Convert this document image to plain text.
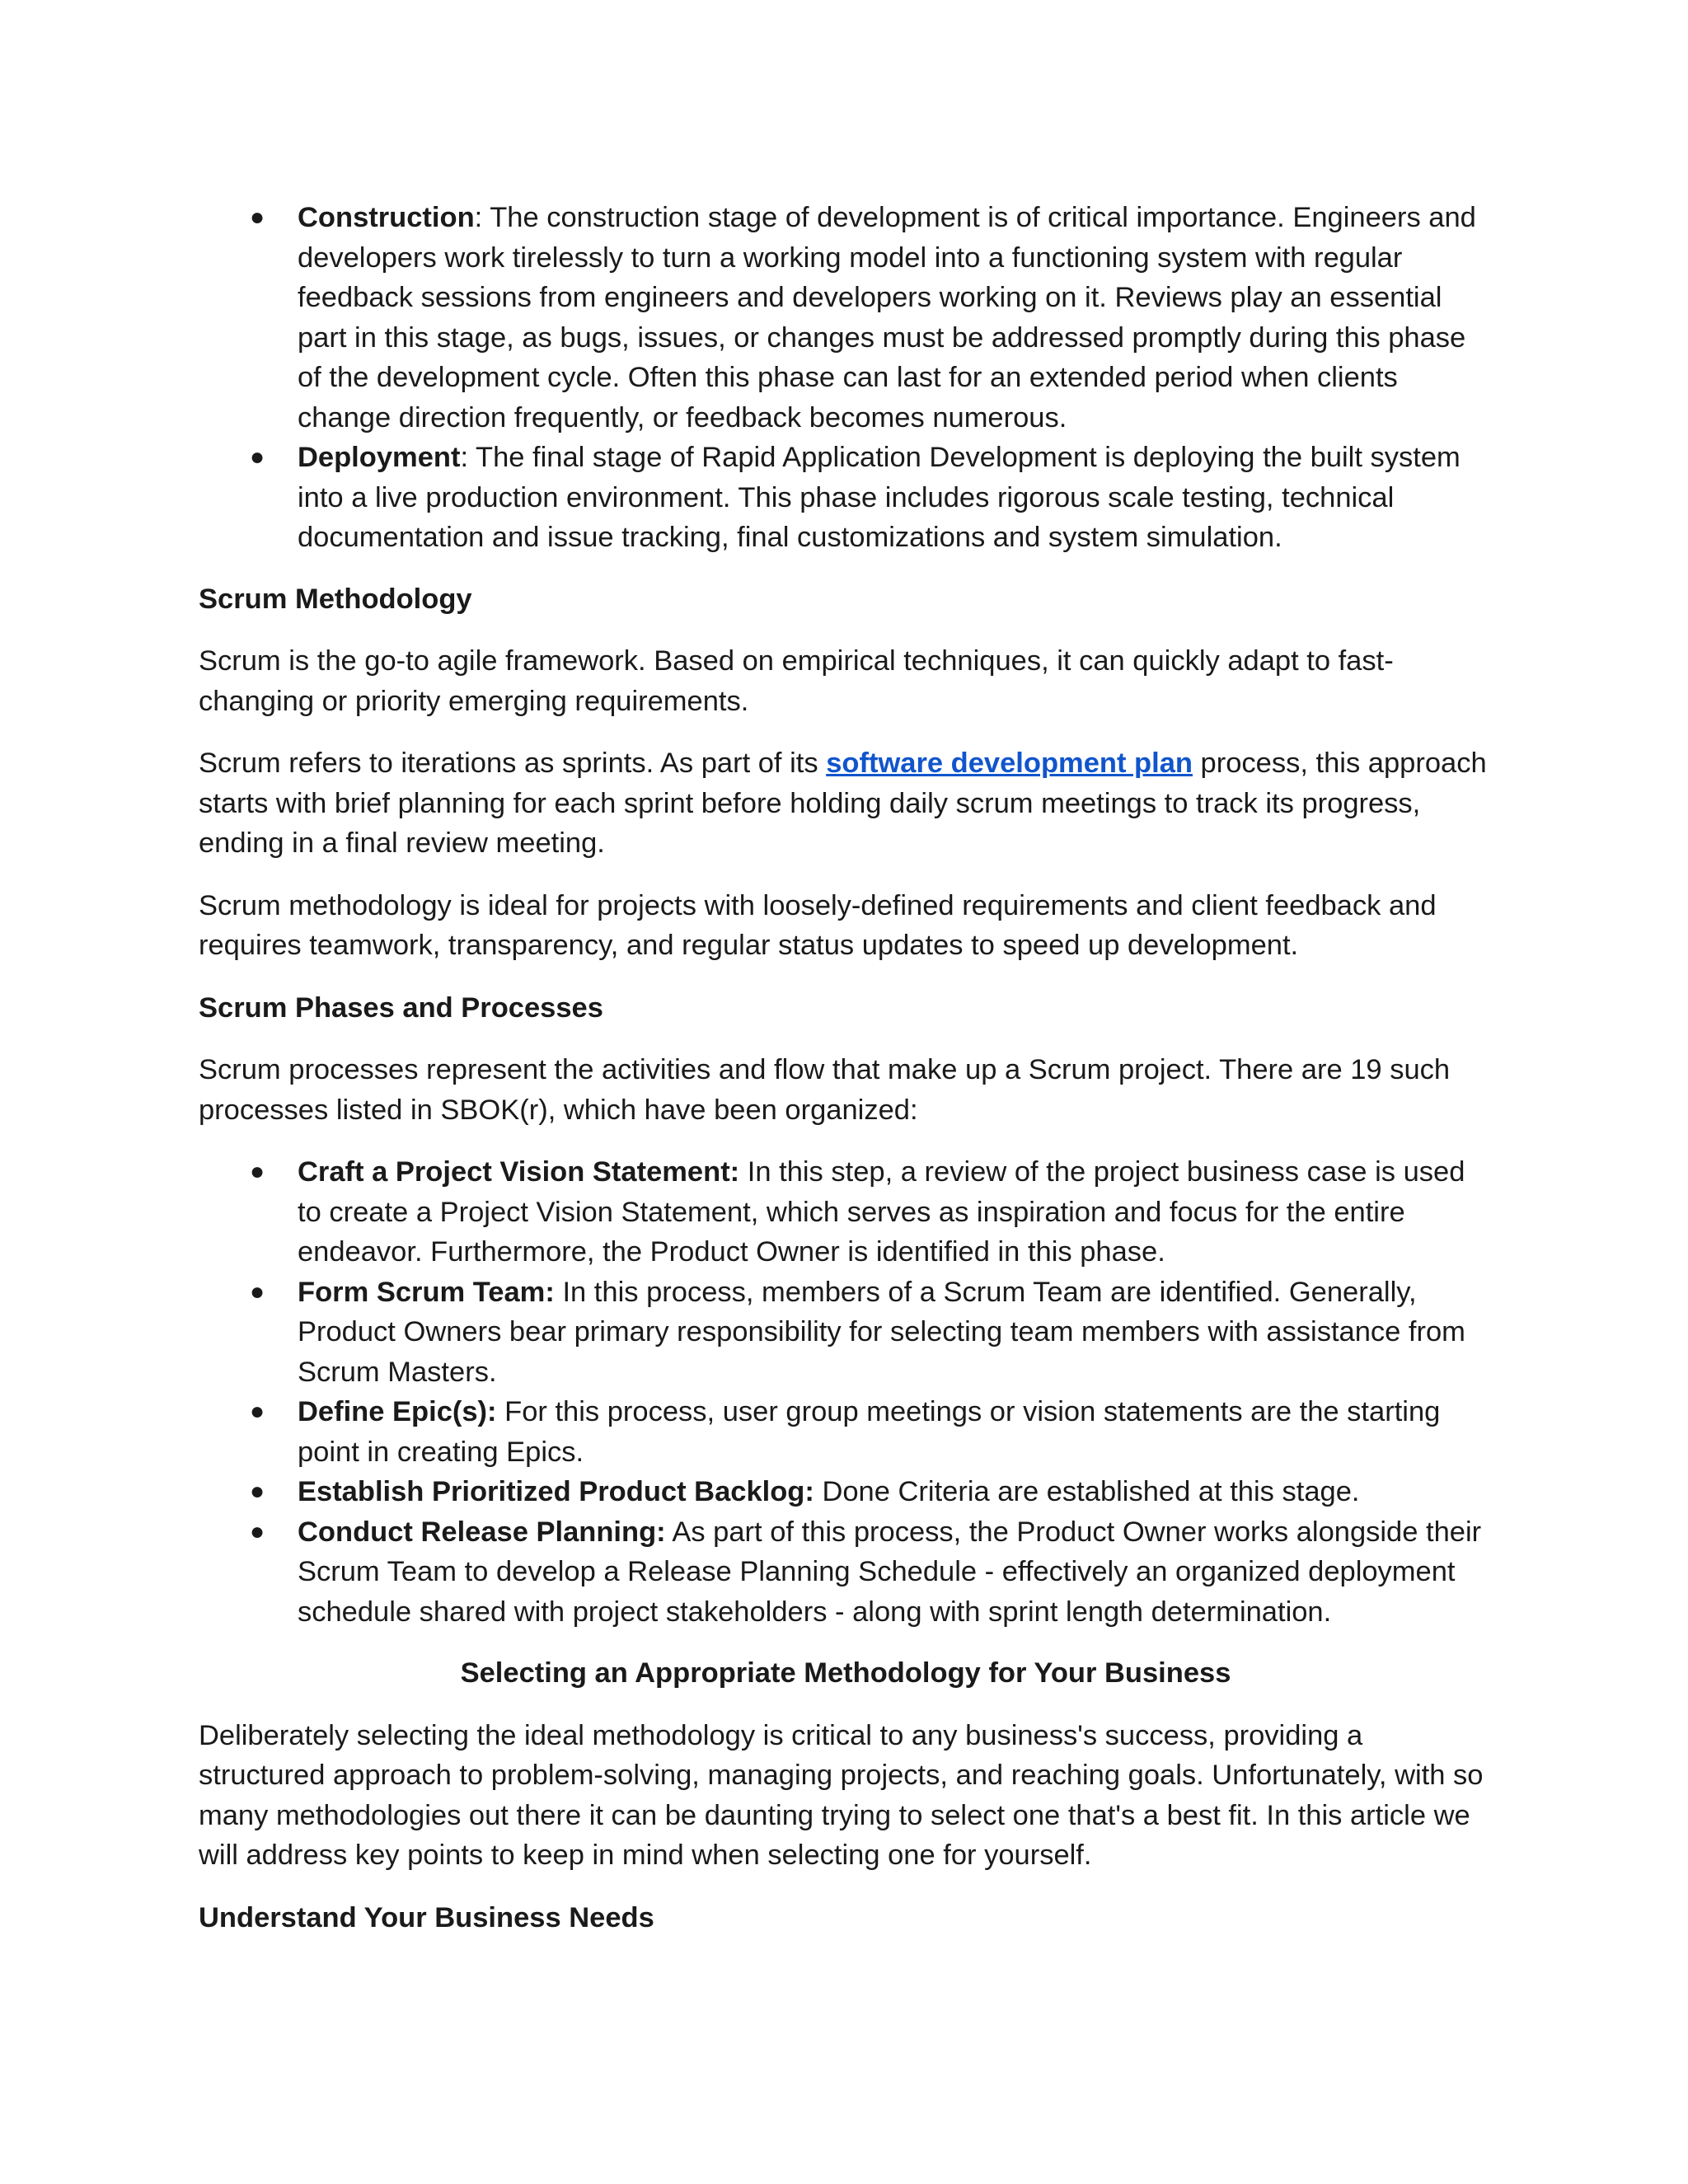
● Construction: The construction stage of development is of critical importance. Engineers and developers work tirelessly to turn a working model into a functioning system with regular feedback sessions from engineers and developers working on it. Reviews play an essential part in this stage, as bugs, issues, or changes must be addressed promptly during this phase of the development cycle. Often this phase can last for an extended period when clients change direction frequently, or feedback becomes numerous.
● Deployment: The final stage of Rapid Application Development is deploying the built system into a live production environment. This phase includes rigorous scale testing, technical documentation and issue tracking, final customizations and system simulation.

Scrum Methodology

Scrum is the go-to agile framework. Based on empirical techniques, it can quickly adapt to fast-changing or priority emerging requirements.

Scrum refers to iterations as sprints. As part of its software development plan process, this approach starts with brief planning for each sprint before holding daily scrum meetings to track its progress, ending in a final review meeting.

Scrum methodology is ideal for projects with loosely-defined requirements and client feedback and requires teamwork, transparency, and regular status updates to speed up development.

Scrum Phases and Processes

Scrum processes represent the activities and flow that make up a Scrum project. There are 19 such processes listed in SBOK(r), which have been organized:

● Craft a Project Vision Statement: In this step, a review of the project business case is used to create a Project Vision Statement, which serves as inspiration and focus for the entire endeavor. Furthermore, the Product Owner is identified in this phase.
● Form Scrum Team: In this process, members of a Scrum Team are identified. Generally, Product Owners bear primary responsibility for selecting team members with assistance from Scrum Masters.
● Define Epic(s): For this process, user group meetings or vision statements are the starting point in creating Epics.
● Establish Prioritized Product Backlog: Done Criteria are established at this stage.
● Conduct Release Planning: As part of this process, the Product Owner works alongside their Scrum Team to develop a Release Planning Schedule - effectively an organized deployment schedule shared with project stakeholders - along with sprint length determination.

Selecting an Appropriate Methodology for Your Business

Deliberately selecting the ideal methodology is critical to any business's success, providing a structured approach to problem-solving, managing projects, and reaching goals. Unfortunately, with so many methodologies out there it can be daunting trying to select one that's a best fit. In this article we will address key points to keep in mind when selecting one for yourself.

Understand Your Business Needs
